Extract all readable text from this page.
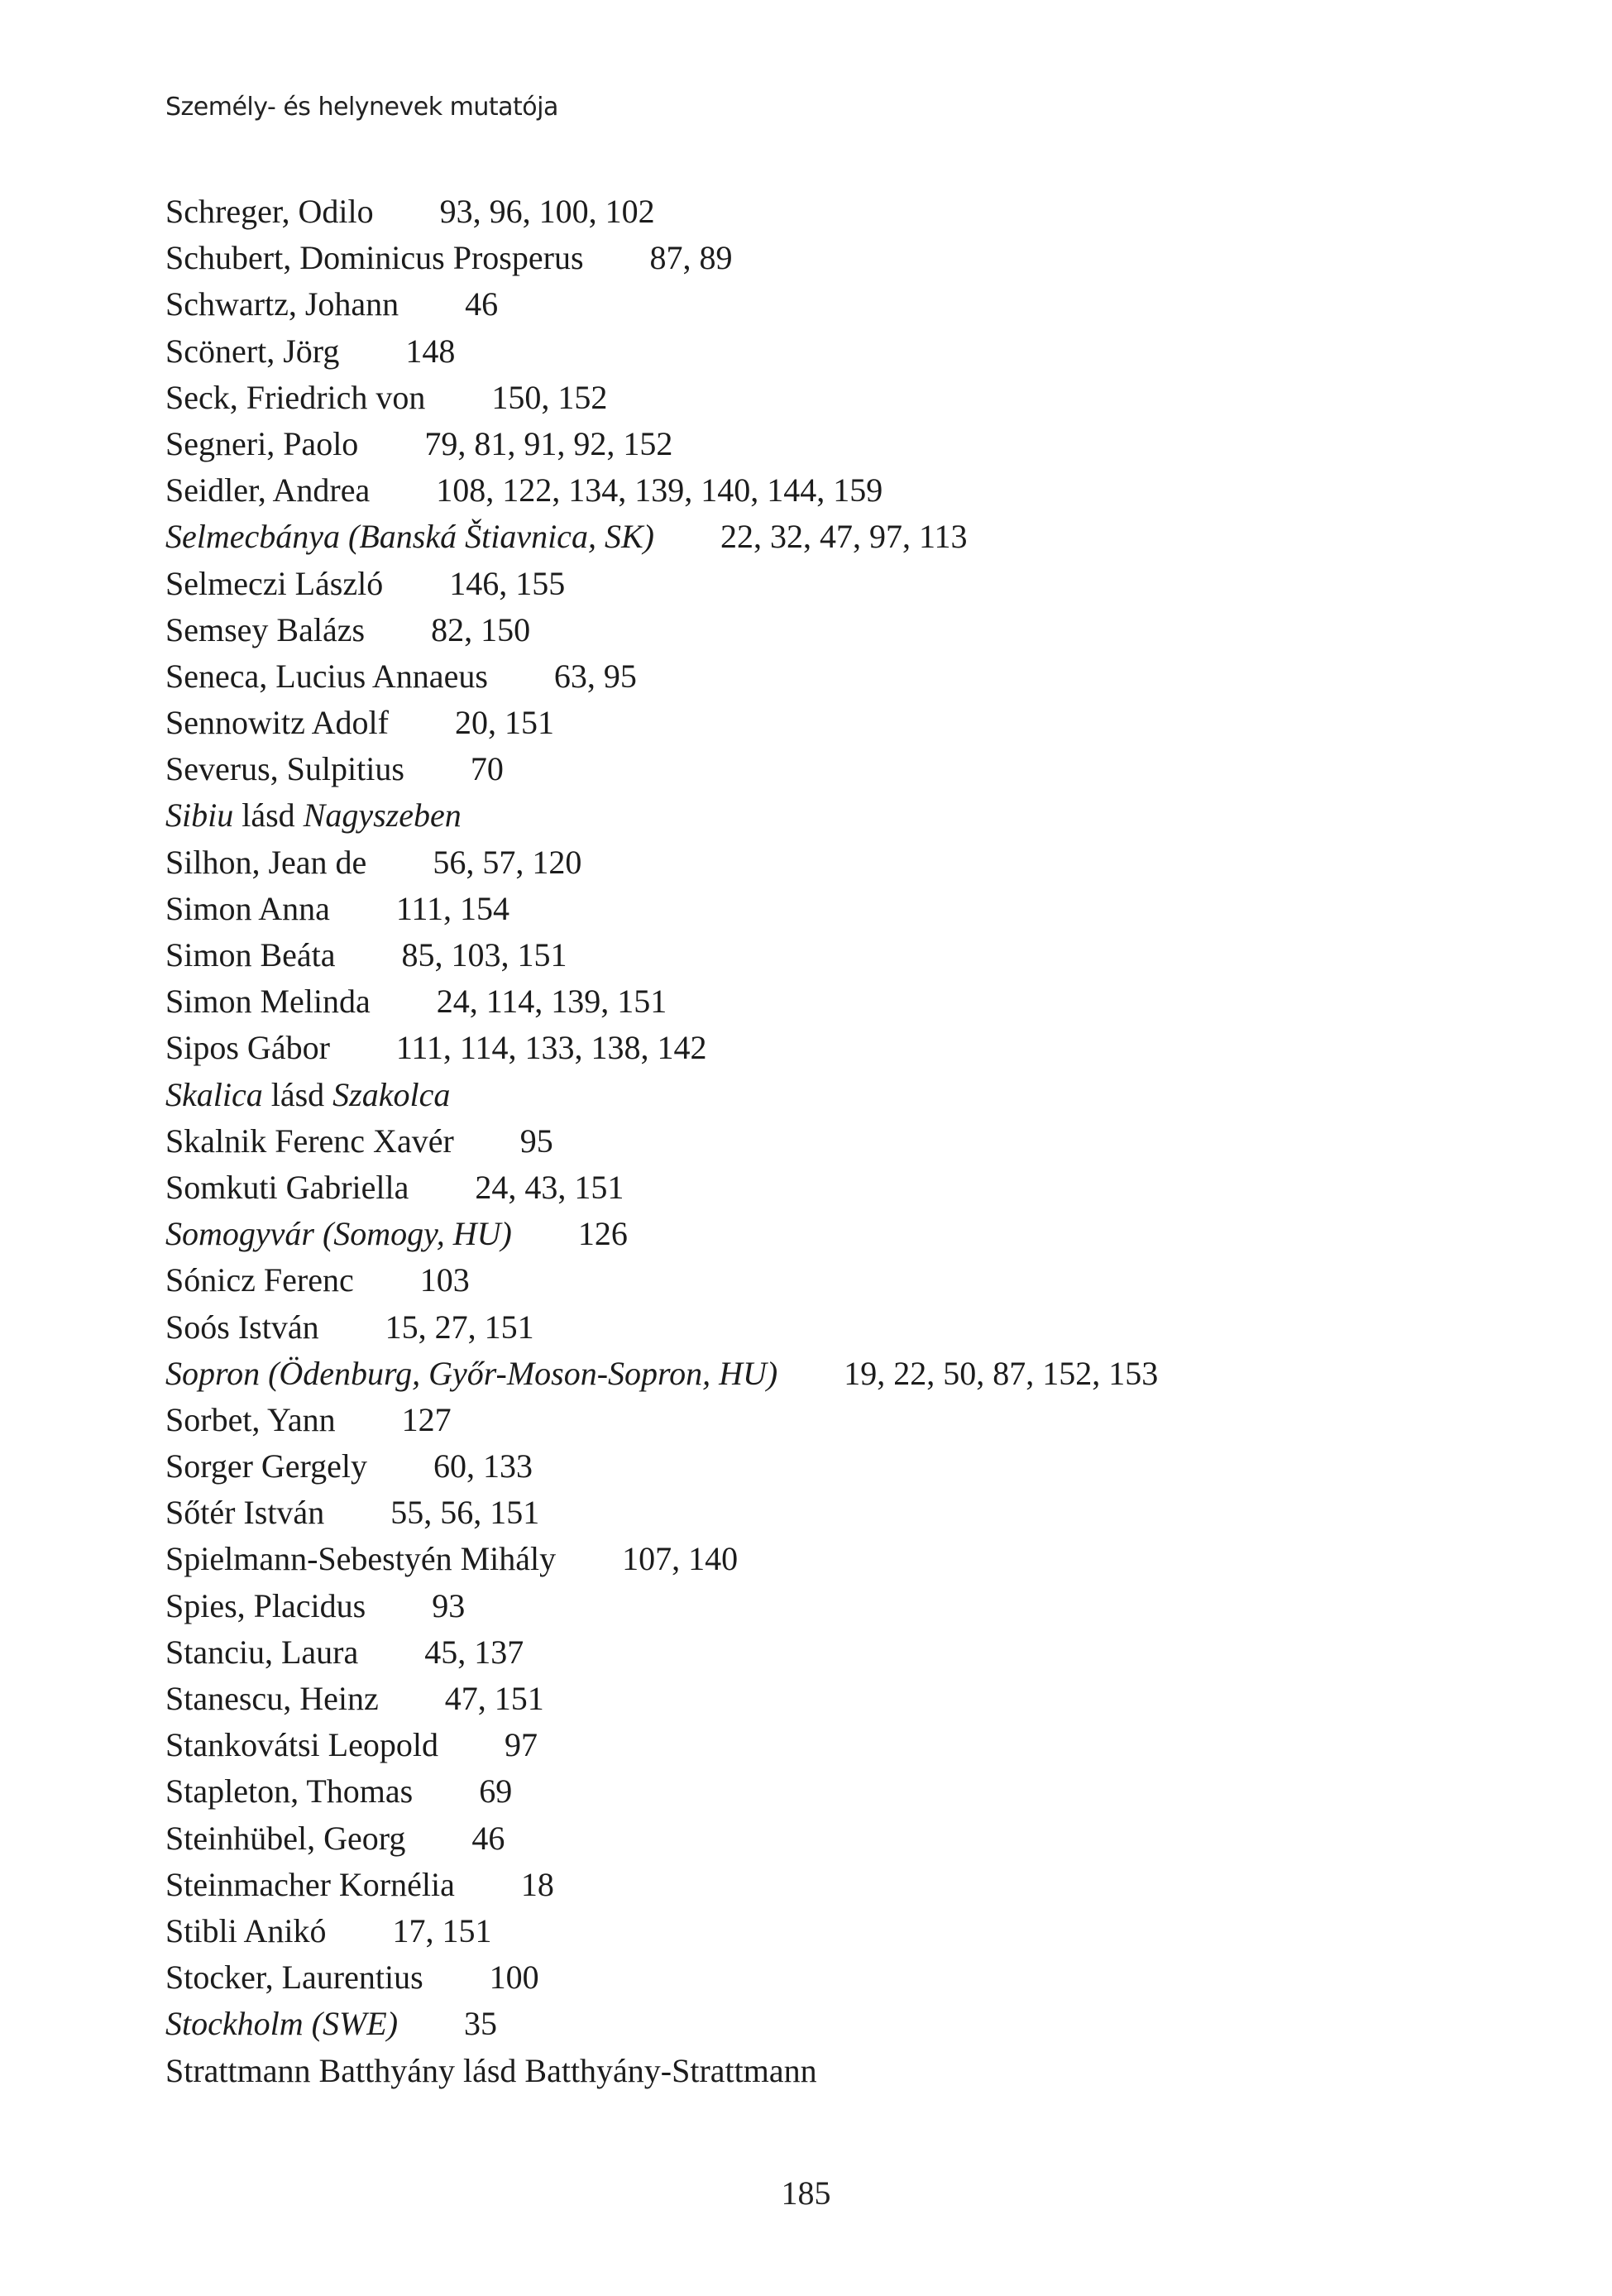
Személy- és helynevek mutatója
Schreger, Odilo 93, 96, 100, 102
Schubert, Dominicus Prosperus 87, 89
Schwartz, Johann 46
Scönert, Jörg 148
Seck, Friedrich von 150, 152
Segneri, Paolo 79, 81, 91, 92, 152
Seidler, Andrea 108, 122, 134, 139, 140, 144, 159
Selmecbánya (Banská Štiavnica, SK) 22, 32, 47, 97, 113
Selmeczi László 146, 155
Semsey Balázs 82, 150
Seneca, Lucius Annaeus 63, 95
Sennowitz Adolf 20, 151
Severus, Sulpitius 70
Sibiu lásd Nagyszeben
Silhon, Jean de 56, 57, 120
Simon Anna 111, 154
Simon Beáta 85, 103, 151
Simon Melinda 24, 114, 139, 151
Sipos Gábor 111, 114, 133, 138, 142
Skalica lásd Szakolca
Skalnik Ferenc Xavér 95
Somkuti Gabriella 24, 43, 151
Somogyvár (Somogy, HU) 126
Sónicz Ferenc 103
Soós István 15, 27, 151
Sopron (Ödenburg, Győr-Moson-Sopron, HU) 19, 22, 50, 87, 152, 153
Sorbet, Yann 127
Sorger Gergely 60, 133
Sőtér István 55, 56, 151
Spielmann-Sebestyén Mihály 107, 140
Spies, Placidus 93
Stanciu, Laura 45, 137
Stanescu, Heinz 47, 151
Stankovátsi Leopold 97
Stapleton, Thomas 69
Steinhübel, Georg 46
Steinmacher Kornélia 18
Stibli Anikó 17, 151
Stocker, Laurentius 100
Stockholm (SWE) 35
Strattmann Batthyány lásd Batthyány-Strattmann
185
